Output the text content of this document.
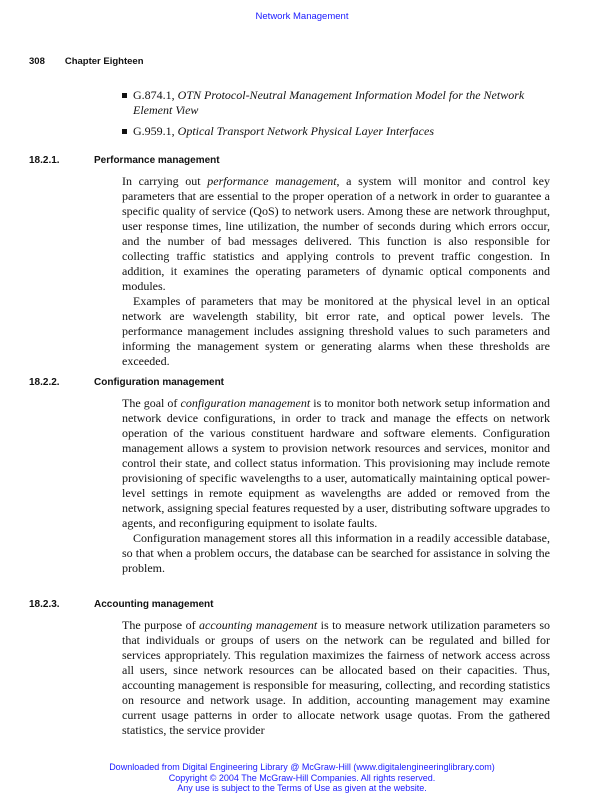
Network Management
308 Chapter Eighteen
G.874.1, OTN Protocol-Neutral Management Information Model for the Network Element View
G.959.1, Optical Transport Network Physical Layer Interfaces
18.2.1.	Performance management

In carrying out performance management, a system will monitor and control key parameters that are essential to the proper operation of a network in order to guarantee a specific quality of service (QoS) to network users. Among these are network throughput, user response times, line utilization, the number of seconds during which errors occur, and the number of bad messages delivered. This function is also responsible for collecting traffic statistics and applying controls to prevent traffic congestion. In addition, it examines the operating parameters of dynamic optical components and modules.

Examples of parameters that may be monitored at the physical level in an optical network are wavelength stability, bit error rate, and optical power levels. The performance management includes assigning threshold values to such parameters and informing the management system or generating alarms when these thresholds are exceeded.

18.2.2.	Configuration management

The goal of configuration management is to monitor both network setup information and network device configurations, in order to track and manage the effects on network operation of the various constituent hardware and software elements. Configuration management allows a system to provision network resources and services, monitor and control their state, and collect status information. This provisioning may include remote provisioning of specific wavelengths to a user, automatically maintaining optical power-level settings in remote equipment as wavelengths are added or removed from the network, assigning special features requested by a user, distributing software upgrades to agents, and reconfiguring equipment to isolate faults.

Configuration management stores all this information in a readily accessible database, so that when a problem occurs, the database can be searched for assistance in solving the problem.

18.2.3.	Accounting management

The purpose of accounting management is to measure network utilization parameters so that individuals or groups of users on the network can be regulated and billed for services appropriately. This regulation maximizes the fairness of network access across all users, since network resources can be allocated based on their capacities. Thus, accounting management is responsible for measuring, collecting, and recording statistics on resource and network usage. In addition, accounting management may examine current usage patterns in order to allocate network usage quotas. From the gathered statistics, the service provider

Downloaded from Digital Engineering Library @ McGraw-Hill (www.digitalengineeringlibrary.com)
Copyright © 2004 The McGraw-Hill Companies. All rights reserved.
Any use is subject to the Terms of Use as given at the website.
